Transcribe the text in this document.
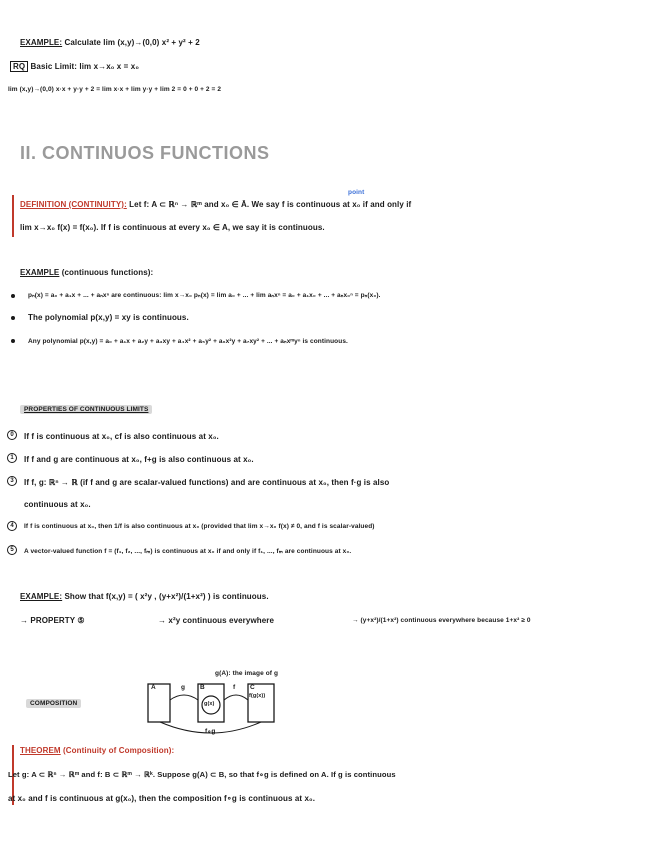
EXAMPLE: Calculate lim (x,y)→(0,0) x² + y² + 2
RQ Basic Limit: lim x→x₀ x = x₀
lim (x,y)→(0,0) x·x + y·y + 2 = lim x·x + lim y·y + lim 2 = 0 + 0 + 2 = 2
II. CONTINUOS FUNCTIONS
point
DEFINITION (CONTINUITY): Let f: A ⊂ ℝⁿ → ℝᵐ and x₀ ∈ Ā. We say f is continuous at x₀ if and only if
lim x→x₀ f(x) = f(x₀). If f is continuous at every x₀ ∈ A, we say it is continuous.
EXAMPLE (continuous functions):
pₙ(x) = a₀ + a₁x + ... + aₙxⁿ are continuous: lim x→x₀ pₙ(x) = lim a₀ + ... + lim aₙxⁿ = a₀ + a₁x₀ + ... + aₙx₀ⁿ = pₙ(x₀).
The polynomial p(x,y) = xy is continuous.
Any polynomial p(x,y) = a₀ + a₁x + a₂y + a₃xy + a₄x² + a₅y² + a₆x²y + a₇xy² + ... + aₙxᵐyⁿ is continuous.
PROPERTIES OF CONTINUOUS LIMITS
0	If f is continuous at x₀, cf is also continuous at x₀.
1	If f and g are continuous at x₀, f+g is also continuous at x₀.
3	If f, g: ℝⁿ → ℝ (if f and g are scalar-valued functions) and are continuous at x₀, then f·g is also
continuous at x₀.
4	If f is continuous at x₀, then 1/f is also continuous at x₀ (provided that lim x→x₀ f(x) ≠ 0, and f is scalar-valued)
5	A vector-valued function f = (f₁, f₂, ..., fₘ) is continuous at x₀ if and only if f₁, ..., fₘ are continuous at x₀.
EXAMPLE: Show that f(x,y) = ( x²y , (y+x²)/(1+x²) ) is continuous.
→ PROPERTY ⑤	→ x²y continuous everywhere	→ (y+x²)/(1+x²) continuous everywhere because 1+x² ≥ 0
COMPOSITION
g(A): the image of g
A	B	C
f(g(x))
g	f
g(x)
f∘g
THEOREM (Continuity of Composition):
Let g: A ⊂ ℝⁿ → ℝᵐ and f: B ⊂ ℝᵐ → ℝᵏ. Suppose g(A) ⊂ B, so that f∘g is defined on A. If g is continuous
at x₀ and f is continuous at g(x₀), then the composition f∘g is continuous at x₀.
